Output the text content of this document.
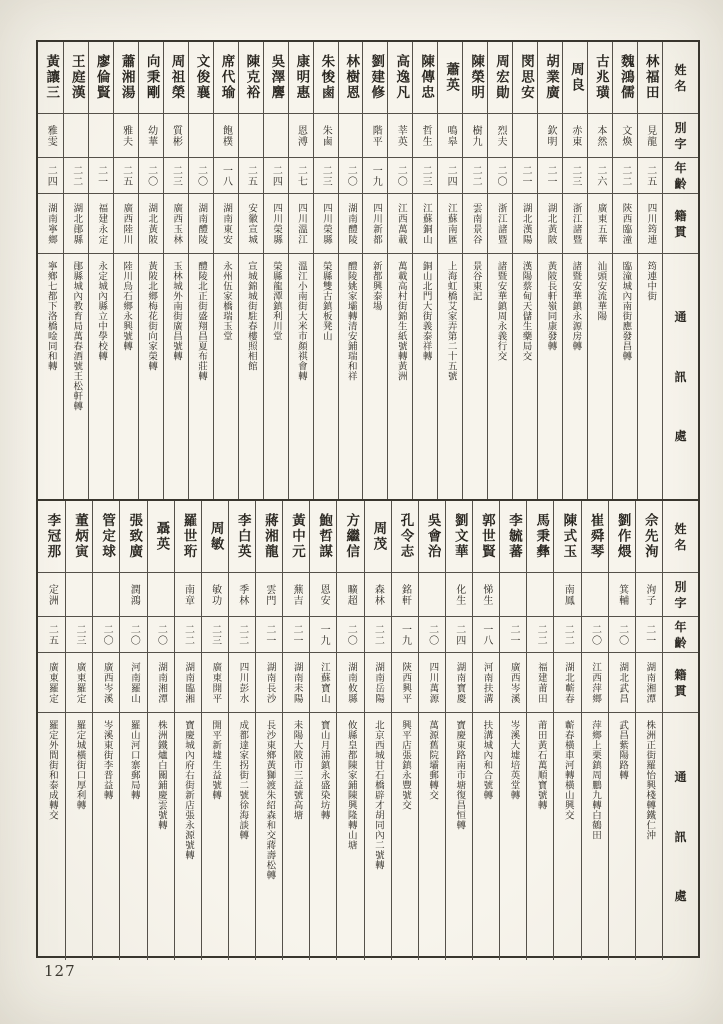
姓
名
別
字
年
齡
籍
貫
通
訊
處
林福田
見龍
二五
四川筠連
筠連中街
魏鴻儒
文煥
二二
陝西臨潼
臨潼城內南街應發昌轉
古兆璜
本然
二六
廣東五華
汕頭安流華陽
周良
赤東
二三
浙江諸暨
諸暨安華鎮永源房轉
胡業廣
欽明
二一
湖北黃陂
黃陂長軒嶺同康發轉
閔思安
二一
湖北漢陽
漢陽蔡甸天儲生藥局交
周宏勛
烈夫
二〇
浙江諸暨
諸暨安華鎮周永義行交
陳榮明
樹九
二二
雲南景谷
景谷東記
蕭英
鳴皋
二四
江蘇南匯
上海虹橋艾家弄第二十五號
陳傳忠
哲生
二三
江蘇銅山
銅山北門大街義泰祥轉
高逸凡
莘英
二〇
江西萬載
萬載高村街錦生紙號轉黃洲
劉建修
階平
一九
四川新都
新都興泰場
林樹恩
二〇
湖南醴陵
醴陵姚家壩轉清安鋪瑞和祥
朱悛鹵
朱鹵
二三
四川榮縣
榮縣雙古鎮板凳山
康明惠
恩溥
二七
四川溫江
溫江小南街大米市顏祺會轉
吳澤麐
二四
四川榮縣
榮縣龍潭鎮利川堂
陳克裕
二五
安徽宣城
宣城錦城街駐春樓照相館
席代瑜
飽樸
一八
湖南東安
永州伍家橋瑞玉堂
文俊襄
二〇
湖南醴陵
醴陵北正街盛翔昌夏布莊轉
周祖榮
質彬
二三
廣西玉林
玉林城外南街廣昌號轉
向秉剛
幼華
二〇
湖北黃陂
黃陂北鄉梅花街向家榮轉
蕭湘湯
雅夫
二五
廣西陸川
陸川烏石鄉永興號轉
廖倫賢
二一
福建永定
永定城內縣立中學校轉
王庭漢
二二
湖北鄖縣
鄖縣城內教育局萬春酒號王松軒轉
黃讓三
雅雯
二四
湖南寧鄉
寧鄉七都下洛橋唫同和轉
姓
名
別
字
年
齡
籍
貫
通
訊
處
佘先洵
洵子
二一
湖南湘潭
株洲正街羅怡興棧轉鐵仁沖
劉作煨
箕輔
二〇
湖北武昌
武昌紫陽路轉
崔舜琴
二〇
江西萍鄉
萍鄉上栗鎮周鵬九轉白鶴田
陳式玉
南鳳
二二
湖北蘄春
蘄春橫車河轉橫山興交
馬秉彝
二二
福建莆田
莆田黃石萬順寶號轉
李毓蕃
二一
廣西岑溪
岑溪大墟培英堂轉
郭世賢
悌生
一八
河南扶溝
扶溝城內和合號轉
劉文華
化生
二四
湖南寶慶
寶慶東路南市塘復昌恒轉
吳會治
二〇
四川萬源
萬源舊院壩郵轉交
孔令志
銘軒
一九
陝西興平
興平店張鎮永豐號交
周茂
森林
二二
湖南岳陽
北京西城甘石橋辟才胡同內二號轉
方繼信
曠超
二〇
湖南攸縣
攸縣皇都陳家鋪陳興隆轉山塘
鮑哲謀
恩安
一九
江蘇寶山
寶山月浦鎮永盛染坊轉
黃中元
蕪吉
二一
湖南耒陽
耒陽大陂市三益號高塘
蔣湘龍
雲門
二一
湖南長沙
長沙東鄉黃獅渡朱紹森和交蔣壽松轉
李白英
季林
二二
四川彭水
成都達家拐街二號徐海談轉
周敏
敏功
二三
廣東開平
開平新墟生益號轉
羅世珩
南章
二二
湖南臨湘
寶慶城內府右街新店張永源號轉
聶英
二〇
湖南湘潭
株洲鐵爐白關鋪慶雲號轉
張致廣
潤鴻
二〇
河南羅山
羅山河口寨郵局轉
管定球
二〇
廣西岑溪
岑溪東街李普益轉
董炳寅
二三
廣東羅定
羅定城橫街口厚利轉
李冠那
定洲
二五
廣東羅定
羅定外間街和泰成轉交
127
